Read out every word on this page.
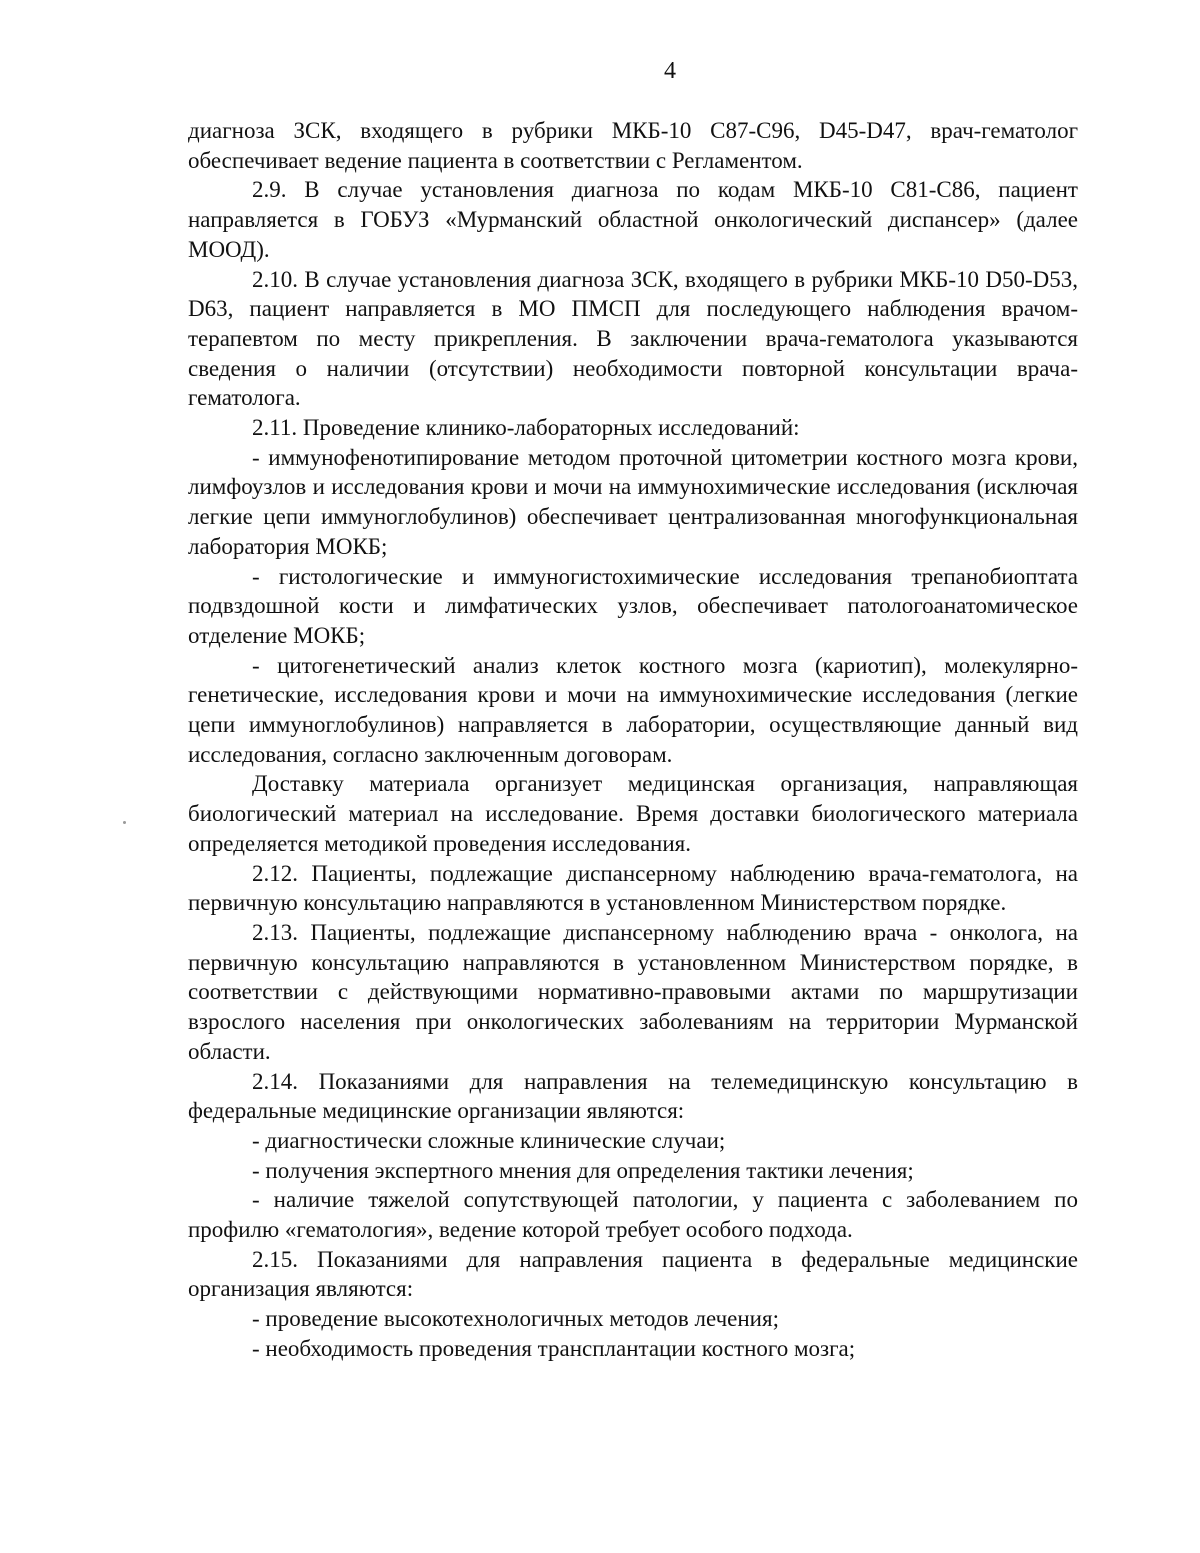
4

диагноза ЗСК, входящего в рубрики МКБ-10 С87-С96, D45-D47, врач-гематолог обеспечивает ведение пациента в соответствии с Регламентом.

2.9. В случае установления диагноза по кодам МКБ-10 С81-С86, пациент направляется в ГОБУЗ «Мурманский областной онкологический диспансер» (далее МООД).

2.10. В случае установления диагноза ЗСК, входящего в рубрики МКБ-10 D50-D53, D63, пациент направляется в МО ПМСП для последующего наблюдения врачом-терапевтом по месту прикрепления. В заключении врача-гематолога указываются сведения о наличии (отсутствии) необходимости повторной консультации врача-гематолога.

2.11. Проведение клинико-лабораторных исследований:

- иммунофенотипирование методом проточной цитометрии костного мозга крови, лимфоузлов и исследования крови и мочи на иммунохимические исследования (исключая легкие цепи иммуноглобулинов) обеспечивает централизованная многофункциональная лаборатория МОКБ;

- гистологические и иммуногистохимические исследования трепанобиоптата подвздошной кости и лимфатических узлов, обеспечивает патологоанатомическое отделение МОКБ;

- цитогенетический анализ клеток костного мозга (кариотип), молекулярно-генетические, исследования крови и мочи на иммунохимические исследования (легкие цепи иммуноглобулинов) направляется в лаборатории, осуществляющие данный вид исследования, согласно заключенным договорам.

Доставку материала организует медицинская организация, направляющая биологический материал на исследование. Время доставки биологического материала определяется методикой проведения исследования.

2.12. Пациенты, подлежащие диспансерному наблюдению врача-гематолога, на первичную консультацию направляются в установленном Министерством порядке.

2.13. Пациенты, подлежащие диспансерному наблюдению врача - онколога, на первичную консультацию направляются в установленном Министерством порядке, в соответствии с действующими нормативно-правовыми актами по маршрутизации взрослого населения при онкологических заболеваниям на территории Мурманской области.

2.14. Показаниями для направления на телемедицинскую консультацию в федеральные медицинские организации являются:

- диагностически сложные клинические случаи;

- получения экспертного мнения для определения тактики лечения;

- наличие тяжелой сопутствующей патологии, у пациента с заболеванием по профилю «гематология», ведение которой требует особого подхода.

2.15. Показаниями для направления пациента в федеральные медицинские организация являются:

- проведение высокотехнологичных методов лечения;

- необходимость проведения трансплантации костного мозга;
